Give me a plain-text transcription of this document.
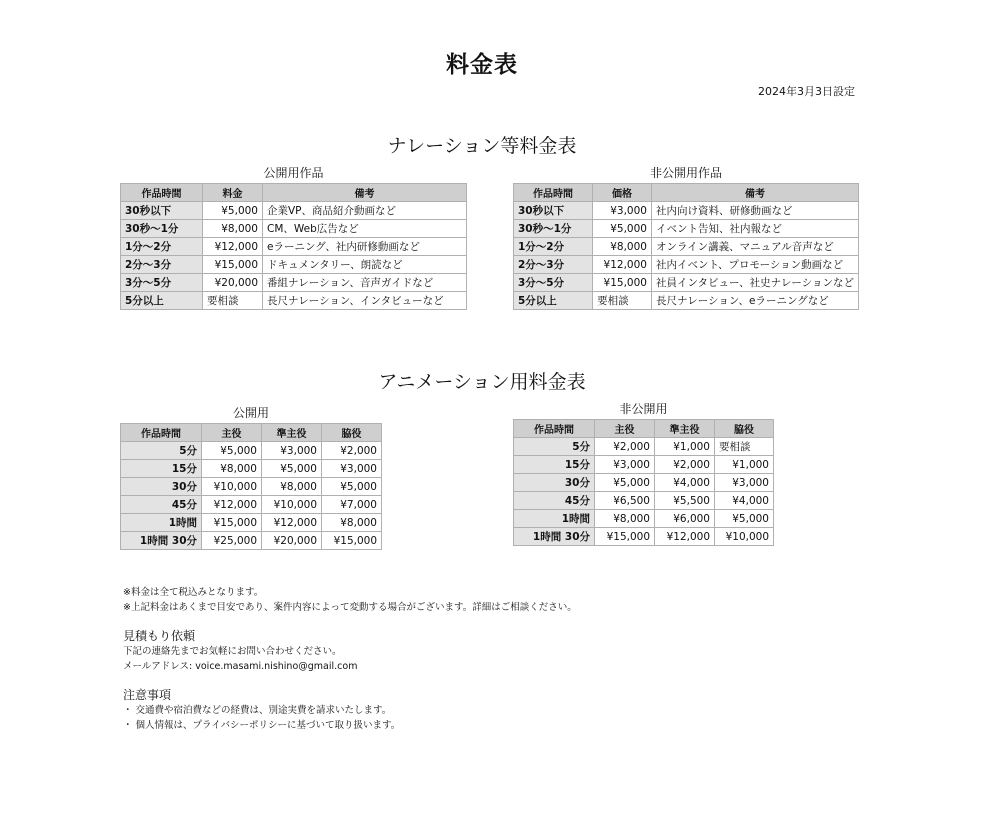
料金表
2024年3月3日設定
ナレーション等料金表
公開用作品
作品時間	料金	備考
30秒以下	¥5,000	企業VP、商品紹介動画など
30秒〜1分	¥8,000	CM、Web広告など
1分〜2分	¥12,000	eラーニング、社内研修動画など
2分〜3分	¥15,000	ドキュメンタリー、朗読など
3分〜5分	¥20,000	番組ナレーション、音声ガイドなど
5分以上	要相談	長尺ナレーション、インタビューなど
非公開用作品
作品時間	価格	備考
30秒以下	¥3,000	社内向け資料、研修動画など
30秒〜1分	¥5,000	イベント告知、社内報など
1分〜2分	¥8,000	オンライン講義、マニュアル音声など
2分〜3分	¥12,000	社内イベント、プロモーション動画など
3分〜5分	¥15,000	社員インタビュー、社史ナレーションなど
5分以上	要相談	長尺ナレーション、eラーニングなど
アニメーション用料金表
公開用
作品時間	主役	準主役	脇役
5分	¥5,000	¥3,000	¥2,000
15分	¥8,000	¥5,000	¥3,000
30分	¥10,000	¥8,000	¥5,000
45分	¥12,000	¥10,000	¥7,000
1時間	¥15,000	¥12,000	¥8,000
1時間 30分	¥25,000	¥20,000	¥15,000
非公開用
作品時間	主役	準主役	脇役
5分	¥2,000	¥1,000	要相談
15分	¥3,000	¥2,000	¥1,000
30分	¥5,000	¥4,000	¥3,000
45分	¥6,500	¥5,500	¥4,000
1時間	¥8,000	¥6,000	¥5,000
1時間 30分	¥15,000	¥12,000	¥10,000
※料金は全て税込みとなります。
※上記料金はあくまで目安であり、案件内容によって変動する場合がございます。詳細はご相談ください。
見積もり依頼
下記の連絡先までお気軽にお問い合わせください。
メールアドレス: voice.masami.nishino@gmail.com
注意事項
・ 交通費や宿泊費などの経費は、別途実費を請求いたします。
・ 個人情報は、プライバシーポリシーに基づいて取り扱います。
